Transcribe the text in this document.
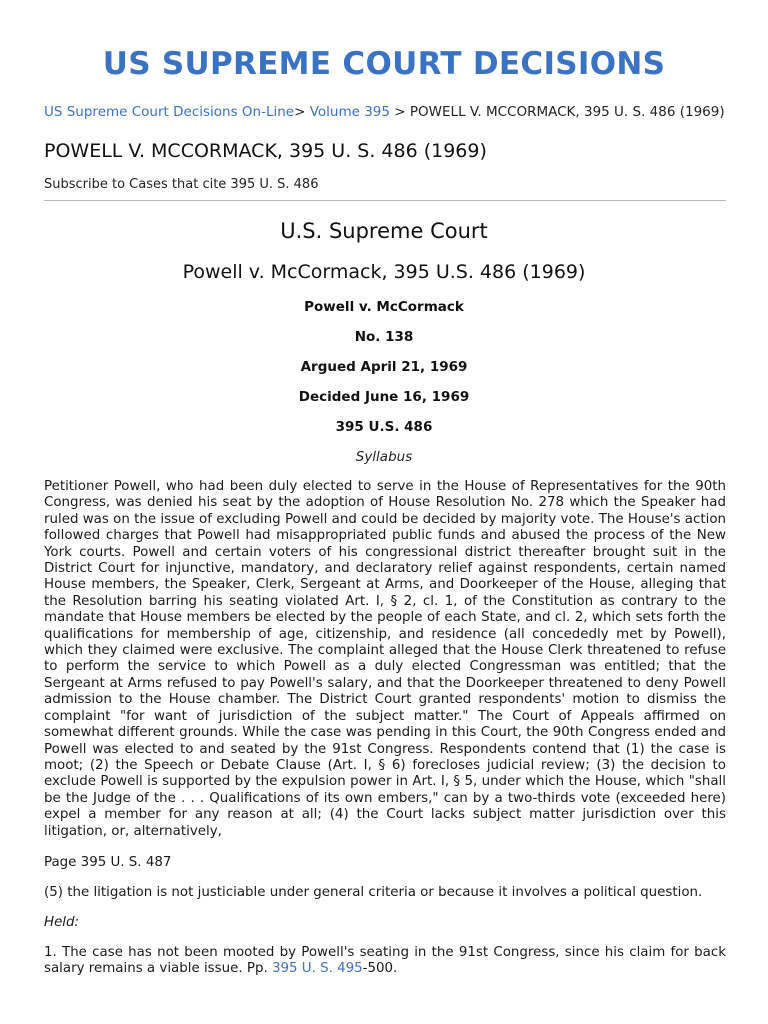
US SUPREME COURT DECISIONS
US Supreme Court Decisions On-Line> Volume 395 > POWELL V. MCCORMACK, 395 U. S. 486 (1969)
POWELL V. MCCORMACK, 395 U. S. 486 (1969)
Subscribe to Cases that cite 395 U. S. 486
U.S. Supreme Court
Powell v. McCormack, 395 U.S. 486 (1969)
Powell v. McCormack
No. 138
Argued April 21, 1969
Decided June 16, 1969
395 U.S. 486
Syllabus

Petitioner Powell, who had been duly elected to serve in the House of Representatives for the 90th Congress, was denied his seat by the adoption of House Resolution No. 278 which the Speaker had ruled was on the issue of excluding Powell and could be decided by majority vote. The House's action followed charges that Powell had misappropriated public funds and abused the process of the New York courts. Powell and certain voters of his congressional district thereafter brought suit in the District Court for injunctive, mandatory, and declaratory relief against respondents, certain named House members, the Speaker, Clerk, Sergeant at Arms, and Doorkeeper of the House, alleging that the Resolution barring his seating violated Art. I, § 2, cl. 1, of the Constitution as contrary to the mandate that House members be elected by the people of each State, and cl. 2, which sets forth the qualifications for membership of age, citizenship, and residence (all concededly met by Powell), which they claimed were exclusive. The complaint alleged that the House Clerk threatened to refuse to perform the service to which Powell as a duly elected Congressman was entitled; that the Sergeant at Arms refused to pay Powell's salary, and that the Doorkeeper threatened to deny Powell admission to the House chamber. The District Court granted respondents' motion to dismiss the complaint "for want of jurisdiction of the subject matter." The Court of Appeals affirmed on somewhat different grounds. While the case was pending in this Court, the 90th Congress ended and Powell was elected to and seated by the 91st Congress. Respondents contend that (1) the case is moot; (2) the Speech or Debate Clause (Art. I, § 6) forecloses judicial review; (3) the decision to exclude Powell is supported by the expulsion power in Art. I, § 5, under which the House, which "shall be the Judge of the . . . Qualifications of its own embers," can by a two-thirds vote (exceeded here) expel a member for any reason at all; (4) the Court lacks subject matter jurisdiction over this litigation, or, alternatively,

Page 395 U. S. 487

(5) the litigation is not justiciable under general criteria or because it involves a political question.

Held:

1. The case has not been mooted by Powell's seating in the 91st Congress, since his claim for back salary remains a viable issue. Pp. 395 U. S. 495-500.
